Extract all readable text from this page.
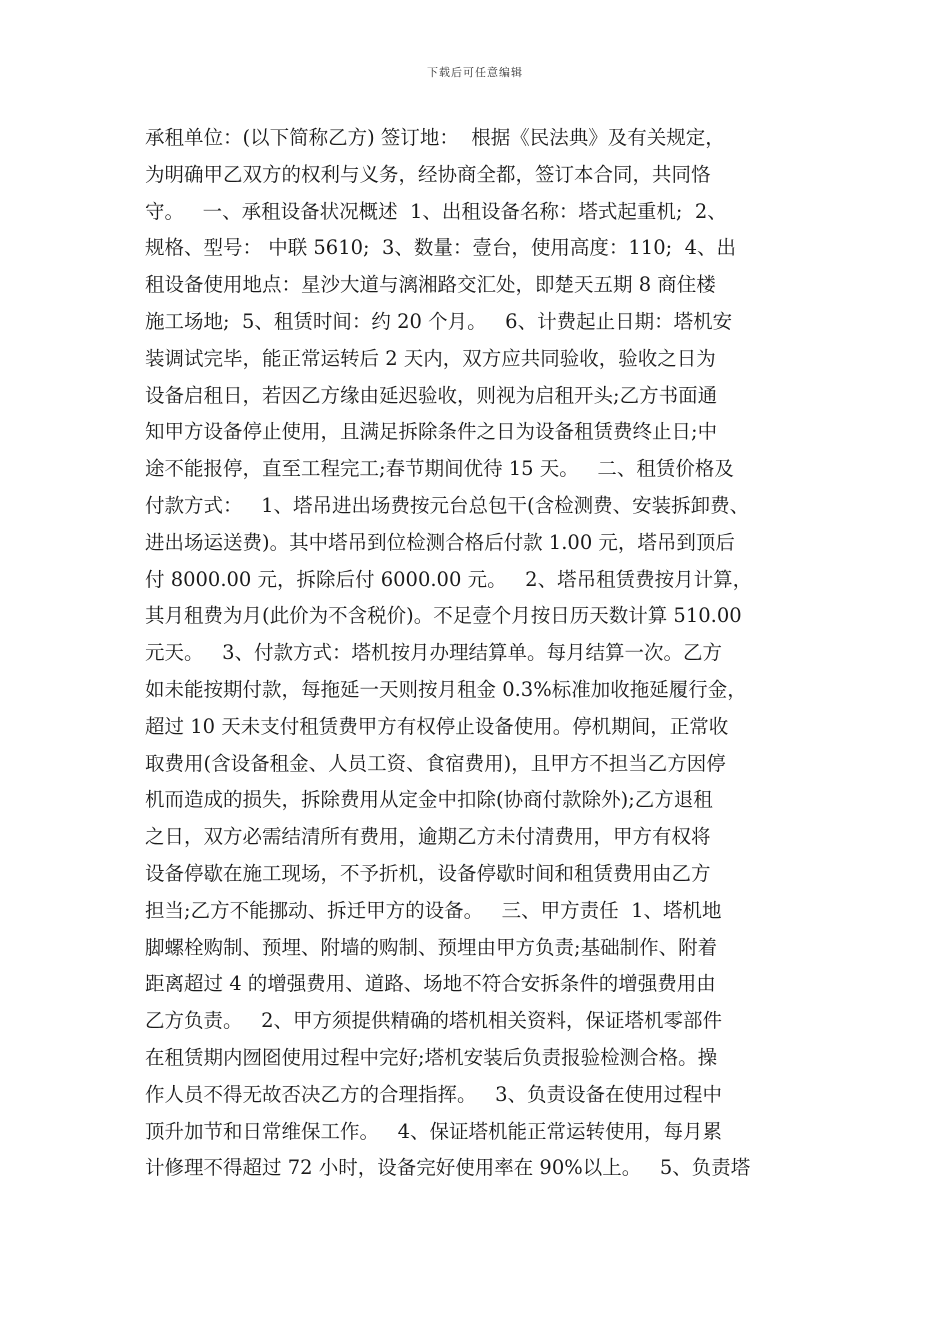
下载后可任意编辑
承租单位：(以下简称乙方) 签订地：  根据《民法典》及有关规定，
为明确甲乙双方的权利与义务，经协商全都，签订本合同，共同恪
守。   一、承租设备状况概述  1、出租设备名称：塔式起重机;  2、
规格、型号： 中联 5610;  3、数量：壹台，使用高度：110;  4、出
租设备使用地点：星沙大道与漓湘路交汇处，即楚天五期 8 商住楼
施工场地;  5、租赁时间：约 20 个月。   6、计费起止日期：塔机安
装调试完毕，能正常运转后 2 天内，双方应共同验收，验收之日为
设备启租日，若因乙方缘由延迟验收，则视为启租开头;乙方书面通
知甲方设备停止使用，且满足拆除条件之日为设备租赁费终止日;中
途不能报停，直至工程完工;春节期间优待 15 天。   二、租赁价格及
付款方式：   1、塔吊进出场费按元台总包干(含检测费、安装拆卸费、
进出场运送费)。其中塔吊到位检测合格后付款 1.00 元，塔吊到顶后
付 8000.00 元，拆除后付 6000.00 元。   2、塔吊租赁费按月计算，
其月租费为月(此价为不含税价)。不足壹个月按日历天数计算 510.00
元天。   3、付款方式：塔机按月办理结算单。每月结算一次。乙方
如未能按期付款，每拖延一天则按月租金 0.3%标准加收拖延履行金，
超过 10 天未支付租赁费甲方有权停止设备使用。停机期间，正常收
取费用(含设备租金、人员工资、食宿费用)，且甲方不担当乙方因停
机而造成的损失，拆除费用从定金中扣除(协商付款除外);乙方退租
之日，双方必需结清所有费用，逾期乙方未付清费用，甲方有权将
设备停歇在施工现场，不予折机，设备停歇时间和租赁费用由乙方
担当;乙方不能挪动、拆迁甲方的设备。   三、甲方责任  1、塔机地
脚螺栓购制、预埋、附墙的购制、预埋由甲方负责;基础制作、附着
距离超过 4 的增强费用、道路、场地不符合安拆条件的增强费用由
乙方负责。   2、甲方须提供精确的塔机相关资料，保证塔机零部件
在租赁期内囫囵使用过程中完好;塔机安装后负责报验检测合格。操
作人员不得无故否决乙方的合理指挥。   3、负责设备在使用过程中
顶升加节和日常维保工作。   4、保证塔机能正常运转使用，每月累
计修理不得超过 72 小时，设备完好使用率在 90%以上。   5、负责塔
